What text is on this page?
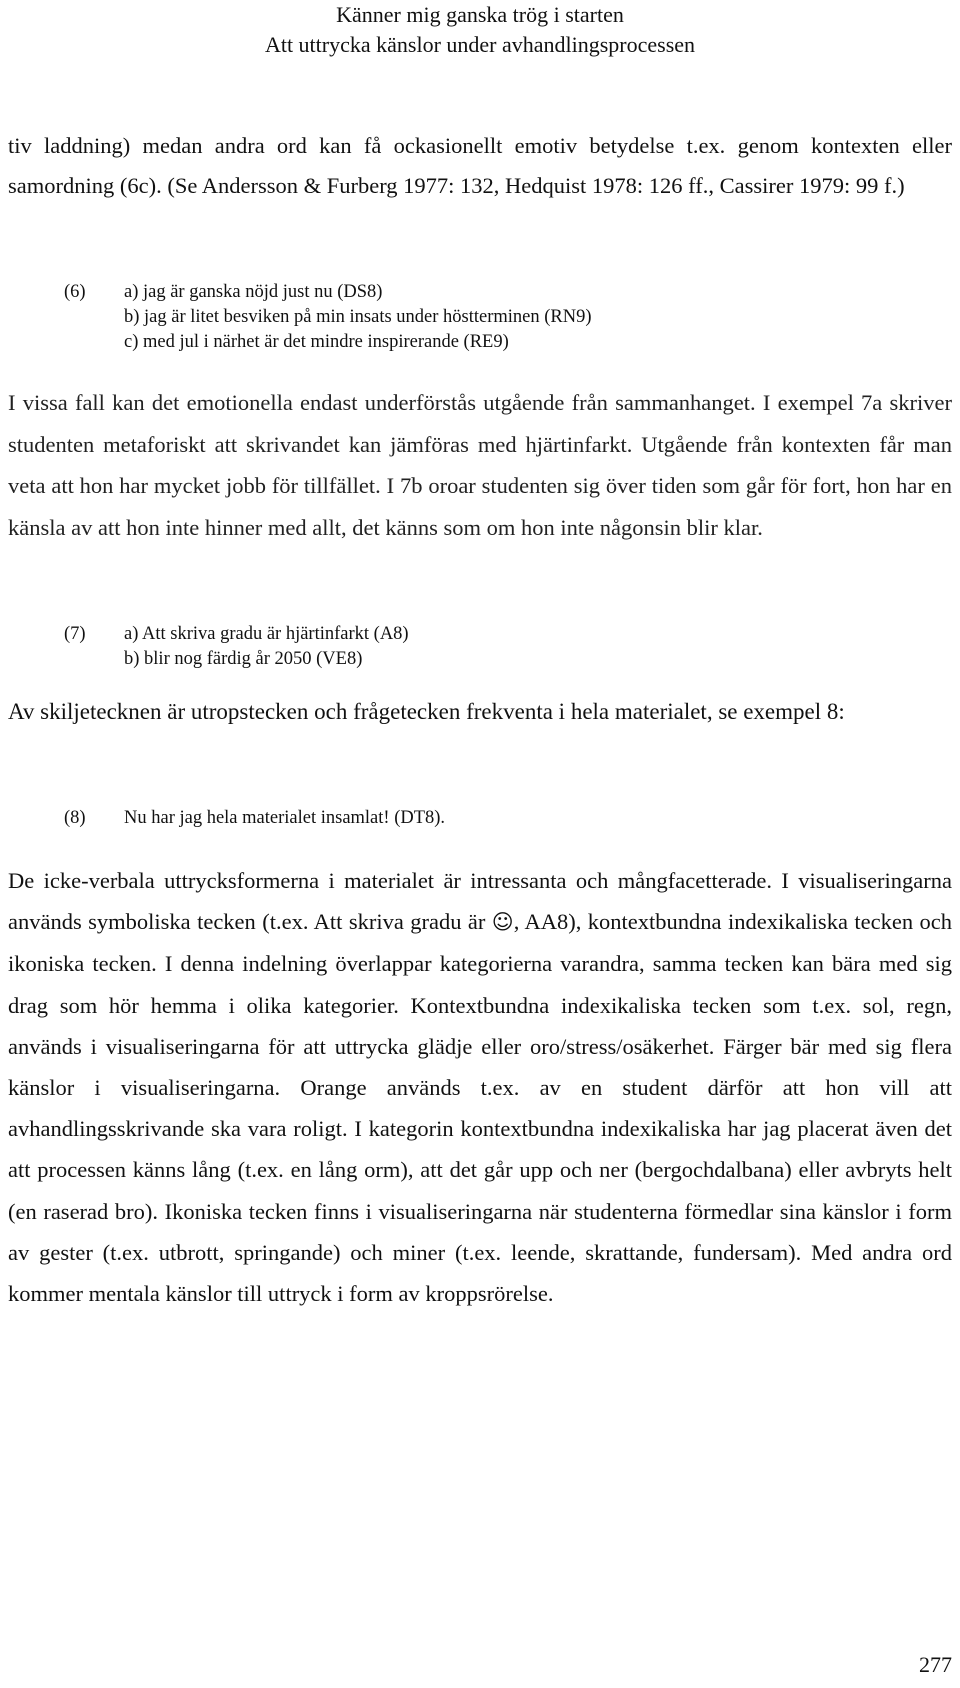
Känner mig ganska trög i starten
Att uttrycka känslor under avhandlingsprocessen

tiv laddning) medan andra ord kan få ockasionellt emotiv betydelse t.ex. genom kontexten eller samordning (6c). (Se Andersson & Furberg 1977: 132, Hedquist 1978: 126 ff., Cassirer 1979: 99 f.)

(6) a) jag är ganska nöjd just nu (DS8)
b) jag är litet besviken på min insats under höstterminen (RN9)
c) med jul i närhet är det mindre inspirerande (RE9)

I vissa fall kan det emotionella endast underförstås utgående från sammanhanget. I exempel 7a skriver studenten metaforiskt att skrivandet kan jämföras med hjärtinfarkt. Utgående från kontexten får man veta att hon har mycket jobb för tillfället. I 7b oroar studenten sig över tiden som går för fort, hon har en känsla av att hon inte hinner med allt, det känns som om hon inte någonsin blir klar.

(7) a) Att skriva gradu är hjärtinfarkt (A8)
b) blir nog färdig år 2050 (VE8)

Av skiljetecknen är utropstecken och frågetecken frekventa i hela materialet, se exempel 8:

(8) Nu har jag hela materialet insamlat! (DT8).

De icke-verbala uttrycksformerna i materialet är intressanta och mångfacetterade. I visualiseringarna används symboliska tecken (t.ex. Att skriva gradu är ☺, AA8), kontextbundna indexikaliska tecken och ikoniska tecken. I denna indelning överlappar kategorierna varandra, samma tecken kan bära med sig drag som hör hemma i olika kategorier. Kontextbundna indexikaliska tecken som t.ex. sol, regn, används i visualiseringarna för att uttrycka glädje eller oro/stress/osäkerhet. Färger bär med sig flera känslor i visualiseringarna. Orange används t.ex. av en student därför att hon vill att avhandlingsskrivande ska vara roligt. I kategorin kontextbundna indexikaliska har jag placerat även det att processen känns lång (t.ex. en lång orm), att det går upp och ner (bergochdalbana) eller avbryts helt (en raserad bro). Ikoniska tecken finns i visualiseringarna när studenterna förmedlar sina känslor i form av gester (t.ex. utbrott, springande) och miner (t.ex. leende, skrattande, fundersam). Med andra ord kommer mentala känslor till uttryck i form av kroppsrörelse.

277
